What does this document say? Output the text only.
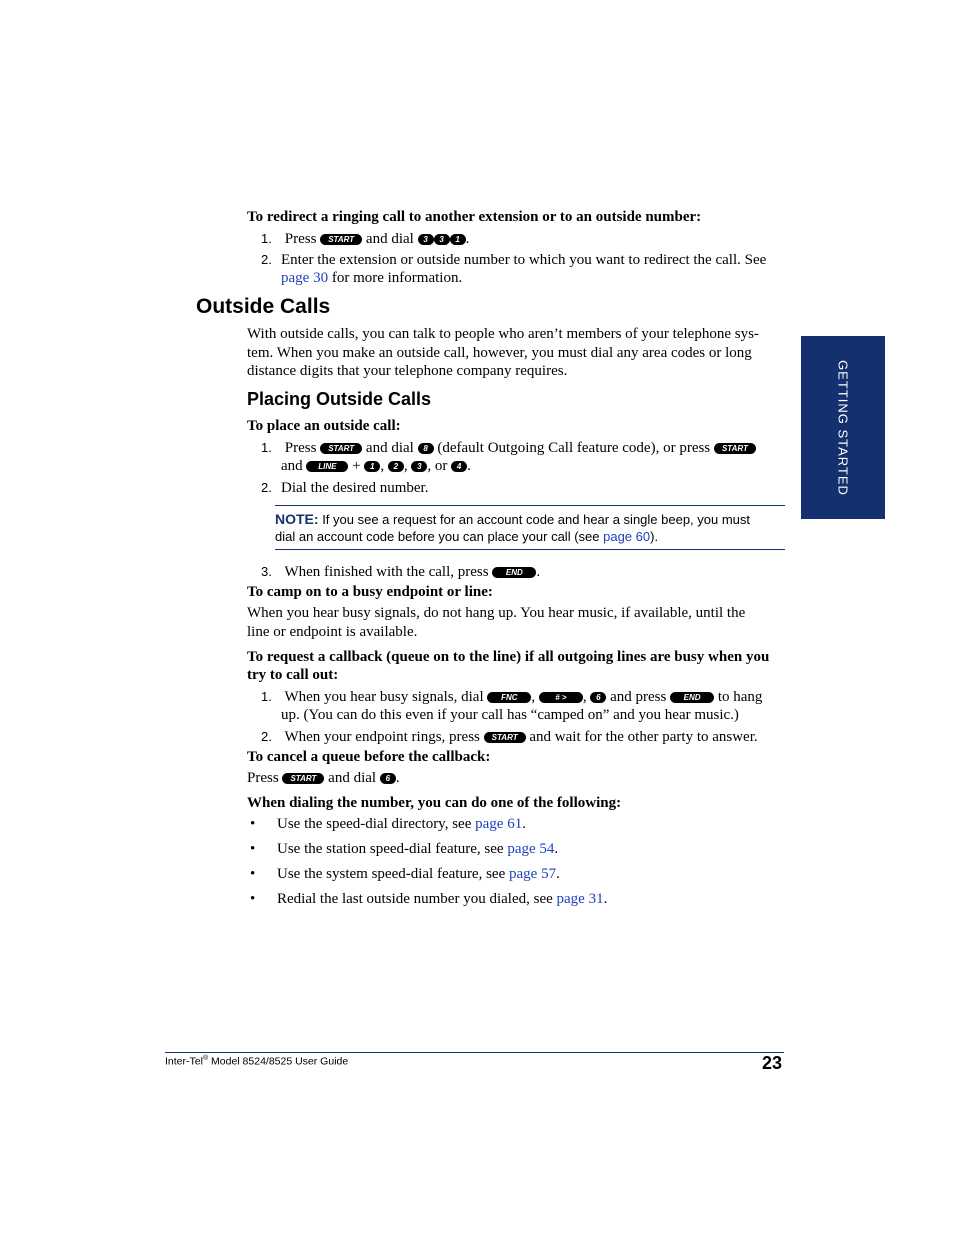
GETTING STARTED
To redirect a ringing call to another extension or to an outside number:
1. Press START and dial 3 3 1 .
2. Enter the extension or outside number to which you want to redirect the call. See
page 30 for more information.
Outside Calls
With outside calls, you can talk to people who aren’t members of your telephone sys-
tem. When you make an outside call, however, you must dial any area codes or long
distance digits that your telephone company requires.
Placing Outside Calls
To place an outside call:
1. Press START and dial 8 (default Outgoing Call feature code), or press START
and LINE + 1 , 2 , 3 , or 4 .
2. Dial the desired number.
NOTE: If you see a request for an account code and hear a single beep, you must
dial an account code before you can place your call (see page 60).
3. When finished with the call, press END .
To camp on to a busy endpoint or line:
When you hear busy signals, do not hang up. You hear music, if available, until the
line or endpoint is available.
To request a callback (queue on to the line) if all outgoing lines are busy when you
try to call out:
1. When you hear busy signals, dial FNC , # > , 6 and press END to hang
up. (You can do this even if your call has “camped on” and you hear music.)
2. When your endpoint rings, press START and wait for the other party to answer.
To cancel a queue before the callback:
Press START and dial 6 .
When dialing the number, you can do one of the following:
• Use the speed-dial directory, see page 61.
• Use the station speed-dial feature, see page 54.
• Use the system speed-dial feature, see page 57.
• Redial the last outside number you dialed, see page 31.
Inter-Tel® Model 8524/8525 User Guide	23
